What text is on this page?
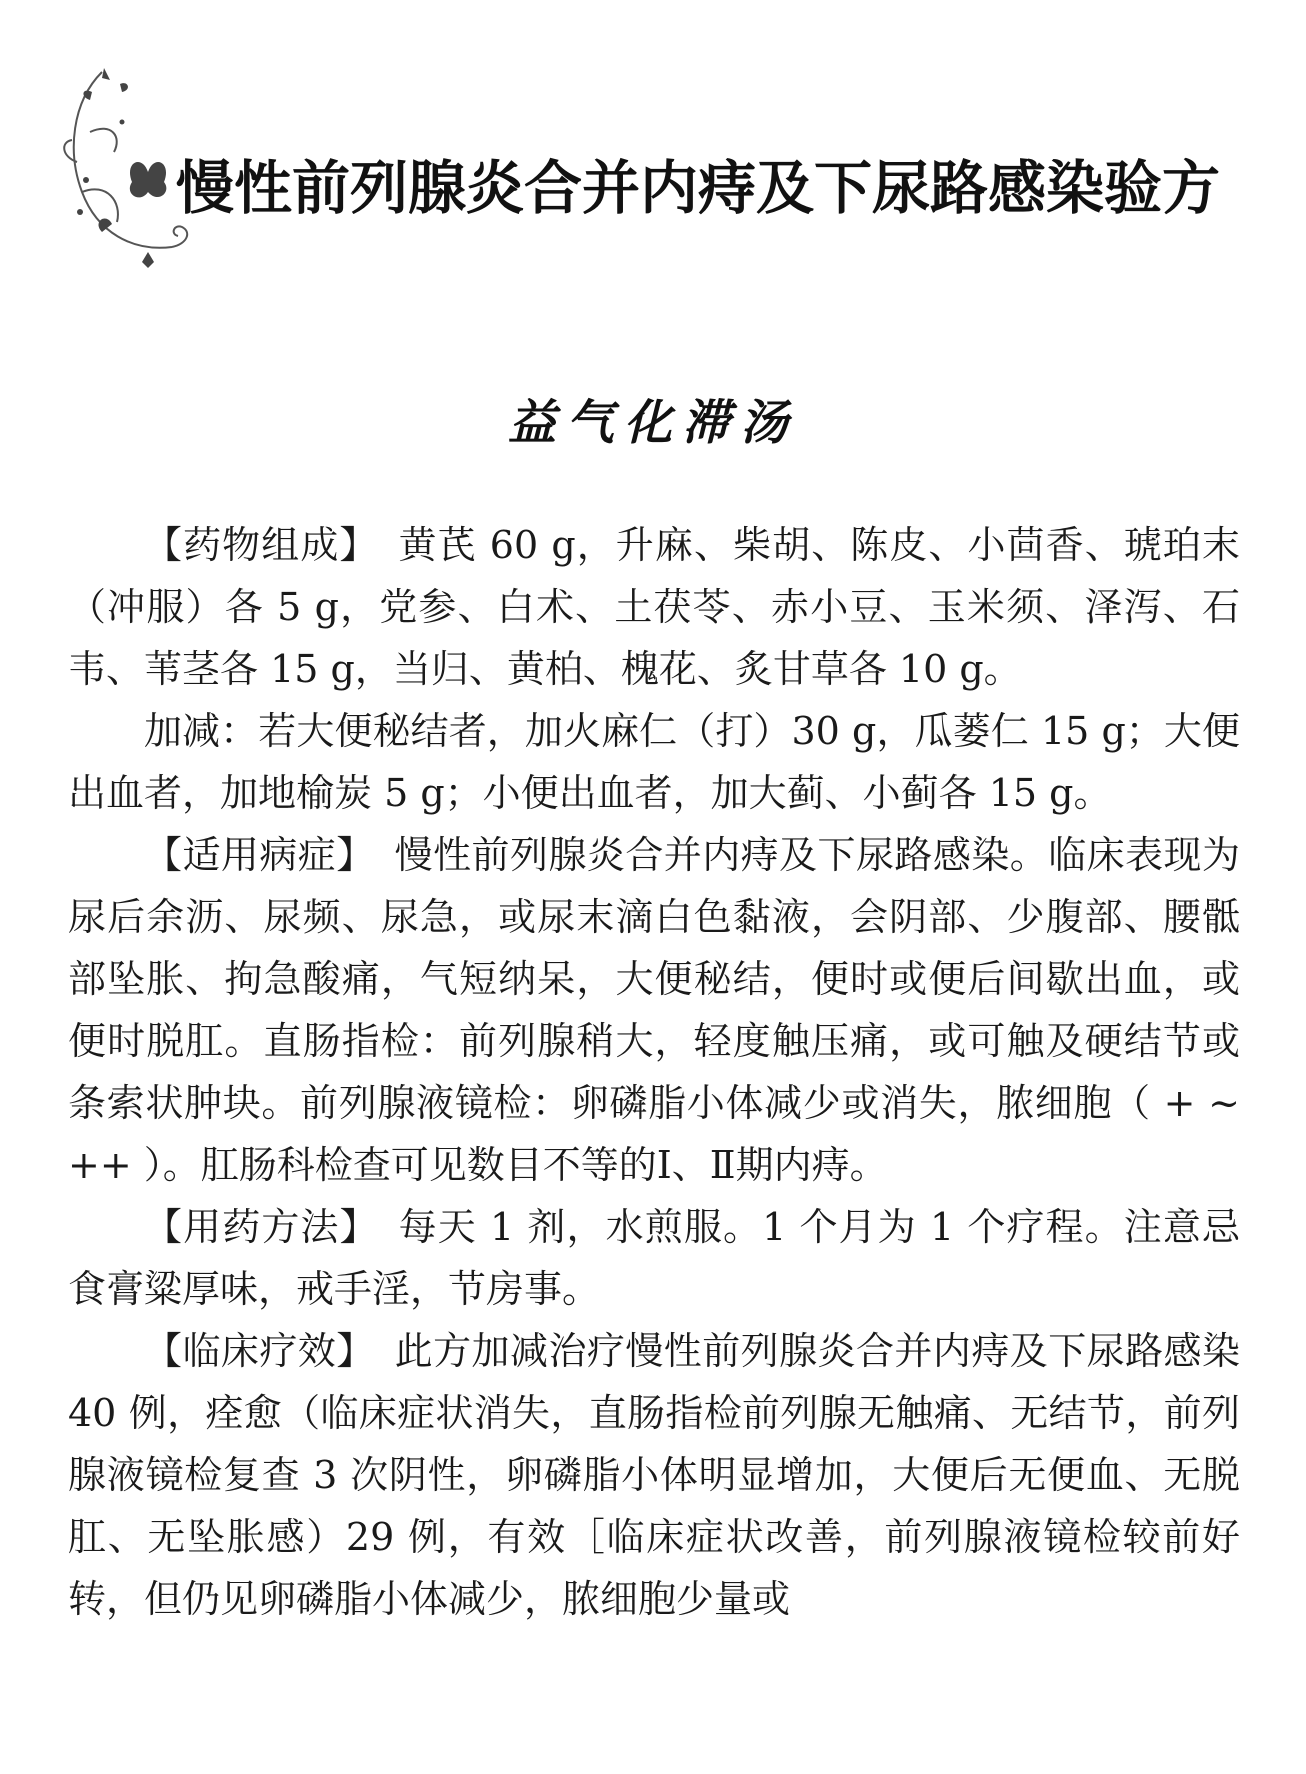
慢性前列腺炎合并内痔及下尿路感染验方
益气化滞汤

【药物组成】 黄芪 60 g，升麻、柴胡、陈皮、小茴香、琥珀末（冲服）各 5 g，党参、白术、土茯苓、赤小豆、玉米须、泽泻、石韦、苇茎各 15 g，当归、黄柏、槐花、炙甘草各 10 g。

加减：若大便秘结者，加火麻仁（打）30 g，瓜蒌仁 15 g；大便出血者，加地榆炭 5 g；小便出血者，加大蓟、小蓟各 15 g。

【适用病症】 慢性前列腺炎合并内痔及下尿路感染。临床表现为尿后余沥、尿频、尿急，或尿末滴白色黏液，会阴部、少腹部、腰骶部坠胀、拘急酸痛，气短纳呆，大便秘结，便时或便后间歇出血，或便时脱肛。直肠指检：前列腺稍大，轻度触压痛，或可触及硬结节或条索状肿块。前列腺液镜检：卵磷脂小体减少或消失，脓细胞（ + ~ ++ ）。肛肠科检查可见数目不等的Ⅰ、Ⅱ期内痔。

【用药方法】 每天 1 剂，水煎服。1 个月为 1 个疗程。注意忌食膏粱厚味，戒手淫，节房事。

【临床疗效】 此方加减治疗慢性前列腺炎合并内痔及下尿路感染 40 例，痊愈（临床症状消失，直肠指检前列腺无触痛、无结节，前列腺液镜检复查 3 次阴性，卵磷脂小体明显增加，大便后无便血、无脱肛、无坠胀感）29 例，有效［临床症状改善，前列腺液镜检较前好转，但仍见卵磷脂小体减少，脓细胞少量或
